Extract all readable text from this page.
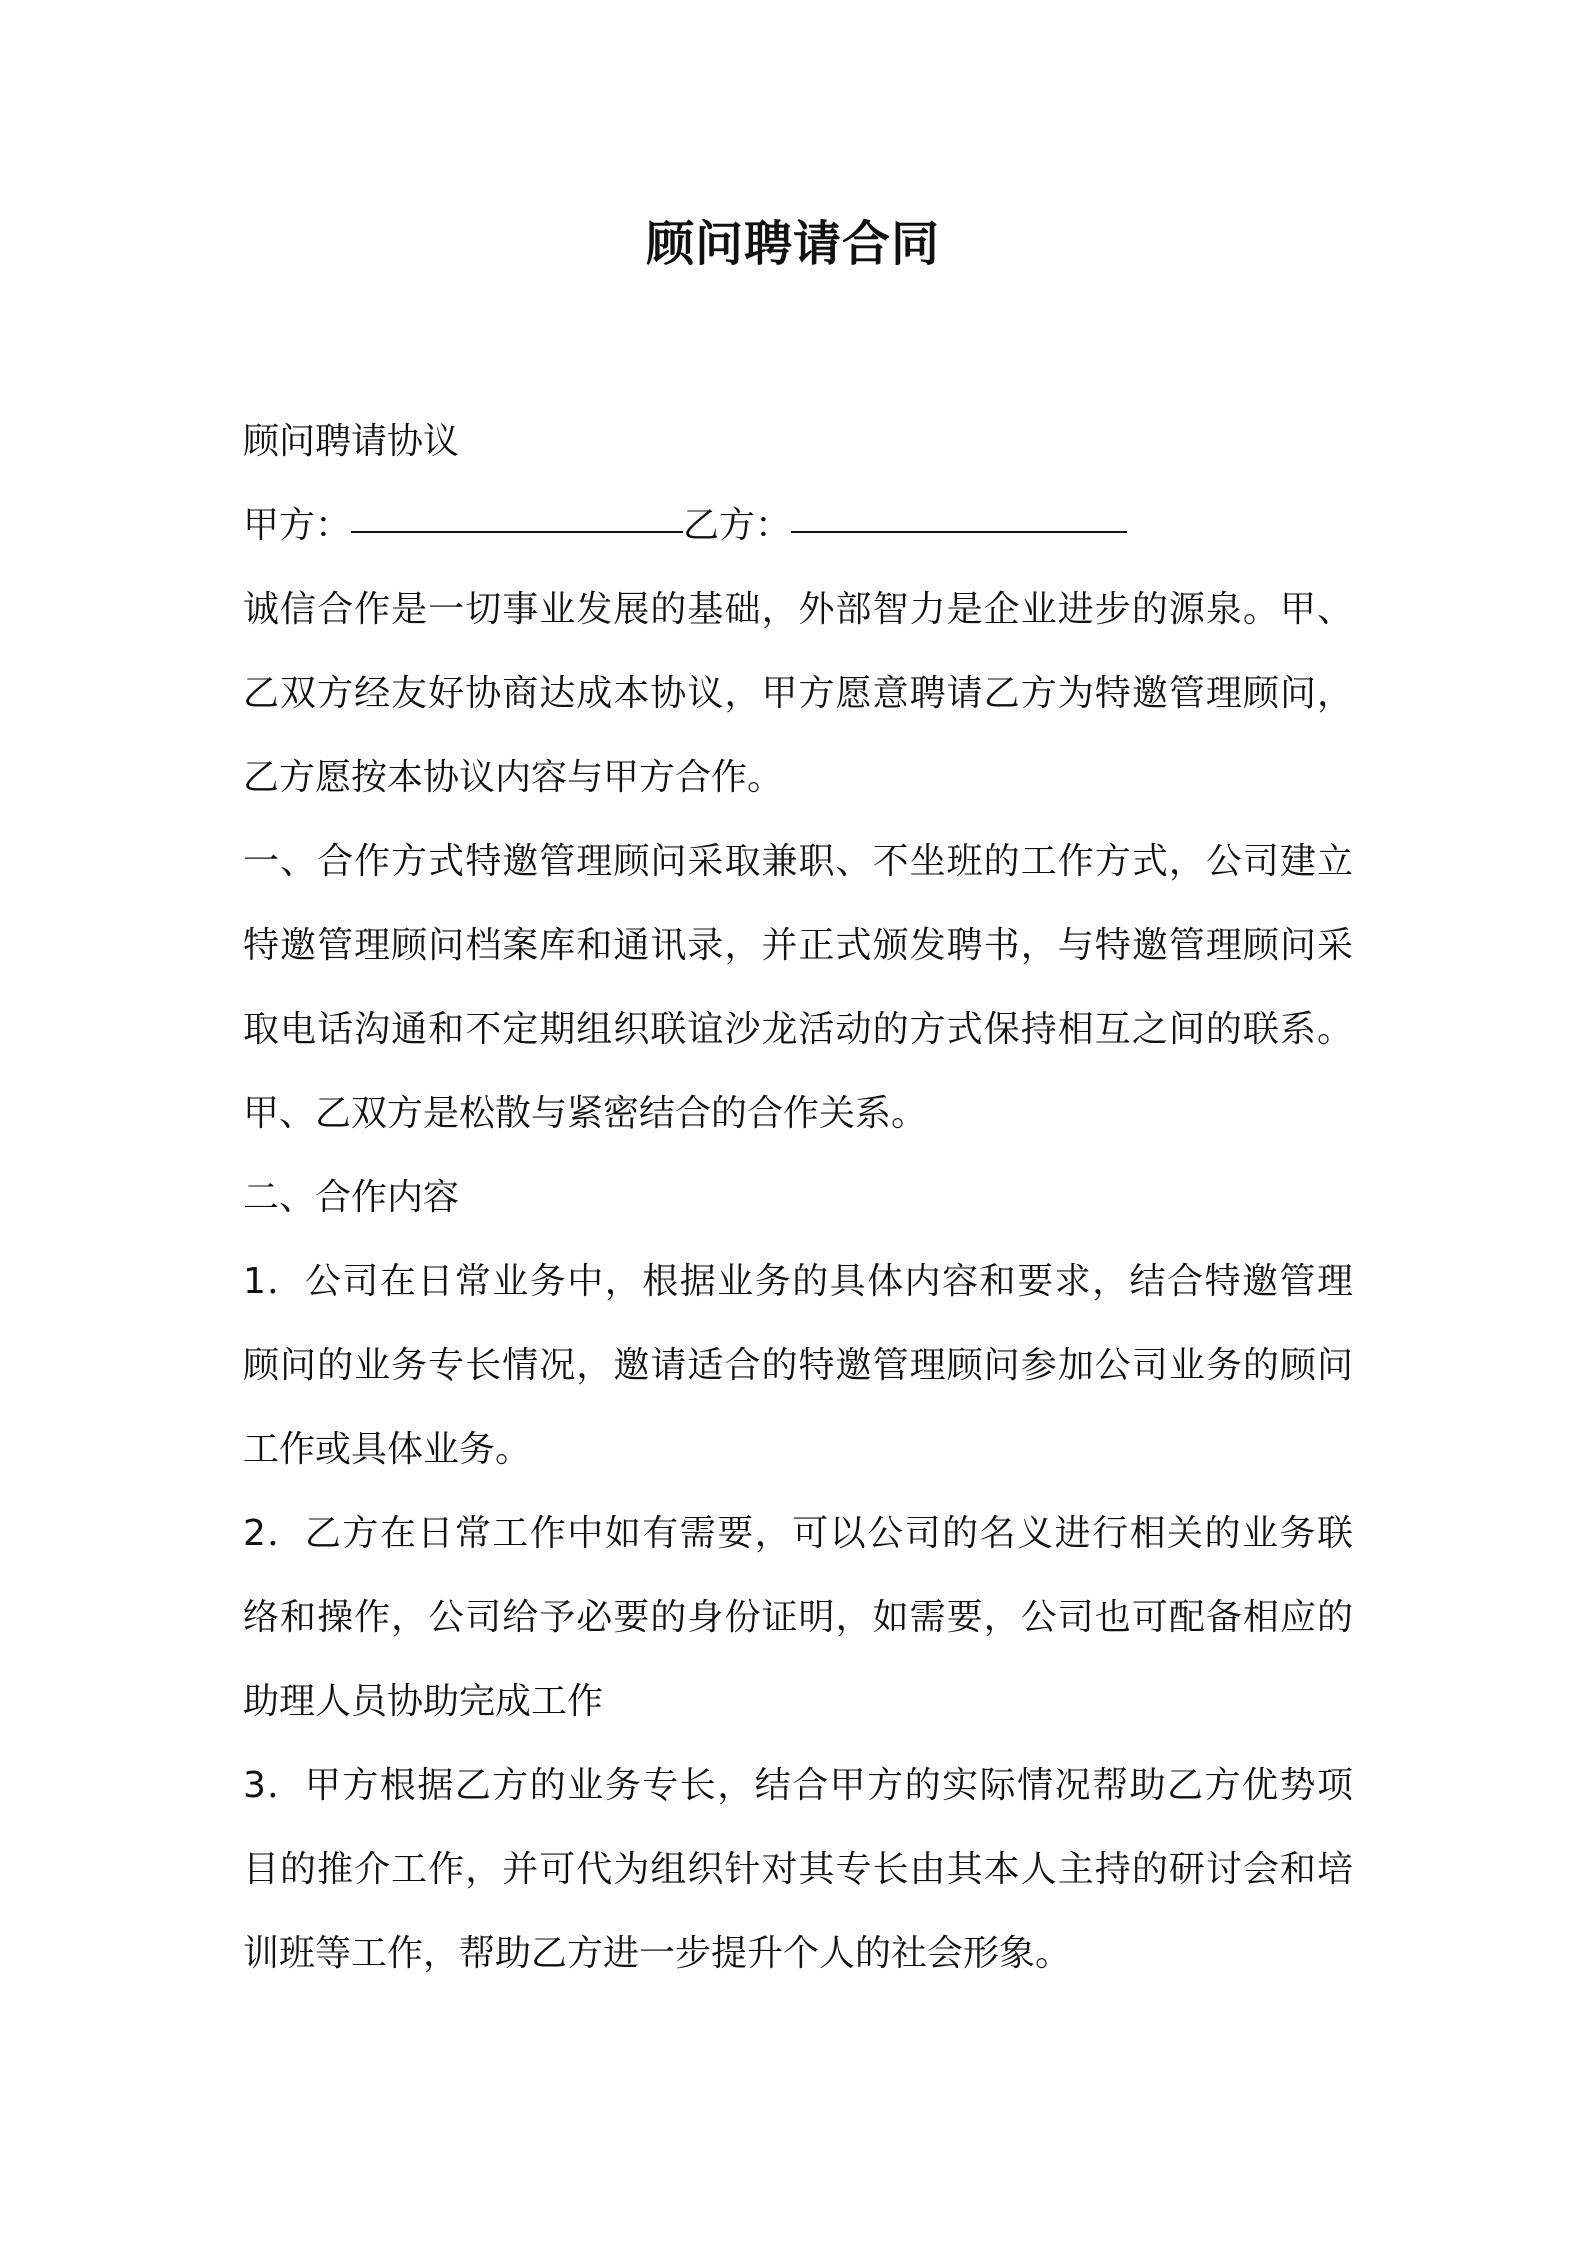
顾问聘请合同
顾问聘请协议
甲方：	乙方：
诚信合作是一切事业发展的基础，外部智力是企业进步的源泉。甲、
乙双方经友好协商达成本协议，甲方愿意聘请乙方为特邀管理顾问，
乙方愿按本协议内容与甲方合作。
一、合作方式特邀管理顾问采取兼职、不坐班的工作方式，公司建立
特邀管理顾问档案库和通讯录，并正式颁发聘书，与特邀管理顾问采
取电话沟通和不定期组织联谊沙龙活动的方式保持相互之间的联系。
甲、乙双方是松散与紧密结合的合作关系。
二、合作内容
1．公司在日常业务中，根据业务的具体内容和要求，结合特邀管理
顾问的业务专长情况，邀请适合的特邀管理顾问参加公司业务的顾问
工作或具体业务。
2．乙方在日常工作中如有需要，可以公司的名义进行相关的业务联
络和操作，公司给予必要的身份证明，如需要，公司也可配备相应的
助理人员协助完成工作
3．甲方根据乙方的业务专长，结合甲方的实际情况帮助乙方优势项
目的推介工作，并可代为组织针对其专长由其本人主持的研讨会和培
训班等工作，帮助乙方进一步提升个人的社会形象。
